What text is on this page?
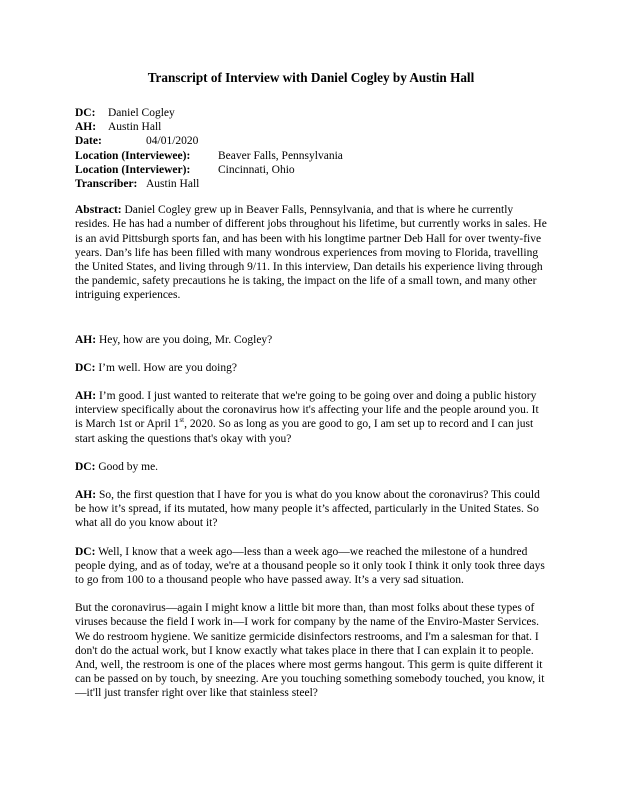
Transcript of Interview with Daniel Cogley by Austin Hall
DC: Daniel Cogley
AH: Austin Hall
Date:	04/01/2020
Location (Interviewee): Beaver Falls, Pennsylvania
Location (Interviewer): Cincinnati, Ohio
Transcriber: Austin Hall

Abstract: Daniel Cogley grew up in Beaver Falls, Pennsylvania, and that is where he currently resides. He has had a number of different jobs throughout his lifetime, but currently works in sales. He is an avid Pittsburgh sports fan, and has been with his longtime partner Deb Hall for over twenty-five years. Dan’s life has been filled with many wondrous experiences from moving to Florida, travelling the United States, and living through 9/11. In this interview, Dan details his experience living through the pandemic, safety precautions he is taking, the impact on the life of a small town, and many other intriguing experiences.

AH: Hey, how are you doing, Mr. Cogley?

DC: I’m well. How are you doing?

AH: I’m good. I just wanted to reiterate that we're going to be going over and doing a public history interview specifically about the coronavirus how it's affecting your life and the people around you. It is March 1st or April 1st, 2020. So as long as you are good to go, I am set up to record and I can just start asking the questions that's okay with you?

DC: Good by me.

AH: So, the first question that I have for you is what do you know about the coronavirus? This could be how it’s spread, if its mutated, how many people it’s affected, particularly in the United States. So what all do you know about it?

DC: Well, I know that a week ago—less than a week ago—we reached the milestone of a hundred people dying, and as of today, we're at a thousand people so it only took I think it only took three days to go from 100 to a thousand people who have passed away. It’s a very sad situation.

But the coronavirus—again I might know a little bit more than, than most folks about these types of viruses because the field I work in—I work for company by the name of the Enviro-Master Services. We do restroom hygiene. We sanitize germicide disinfectors restrooms, and I'm a salesman for that. I don't do the actual work, but I know exactly what takes place in there that I can explain it to people. And, well, the restroom is one of the places where most germs hangout. This germ is quite different it can be passed on by touch, by sneezing. Are you touching something somebody touched, you know, it—it'll just transfer right over like that stainless steel?
